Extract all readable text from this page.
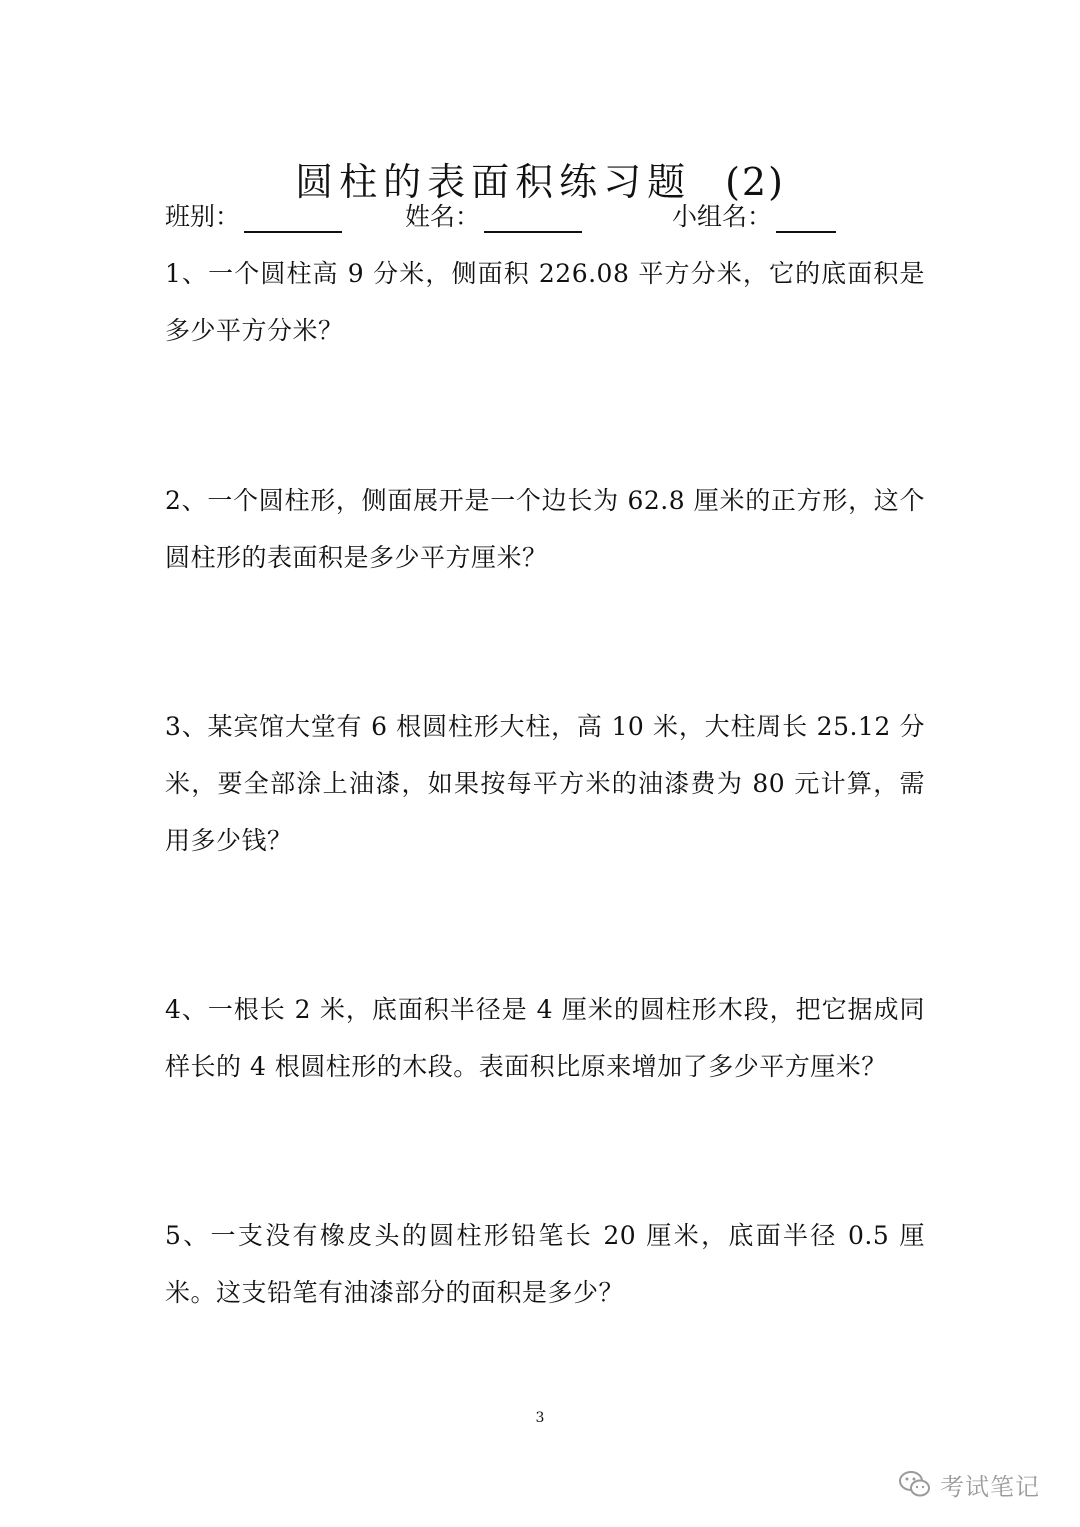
圆柱的表面积练习题 (2)
班别：	姓名：	小组名：
1、一个圆柱高 9 分米，侧面积 226.08 平方分米，它的底面积是多少平方分米？
2、一个圆柱形，侧面展开是一个边长为 62.8 厘米的正方形，这个圆柱形的表面积是多少平方厘米？
3、某宾馆大堂有 6 根圆柱形大柱，高 10 米，大柱周长 25.12 分米，要全部涂上油漆，如果按每平方米的油漆费为 80 元计算，需用多少钱？
4、一根长 2 米，底面积半径是 4 厘米的圆柱形木段，把它据成同样长的 4 根圆柱形的木段。表面积比原来增加了多少平方厘米？
5、一支没有橡皮头的圆柱形铅笔长 20 厘米，底面半径 0.5 厘米。这支铅笔有油漆部分的面积是多少？
3
考试笔记
